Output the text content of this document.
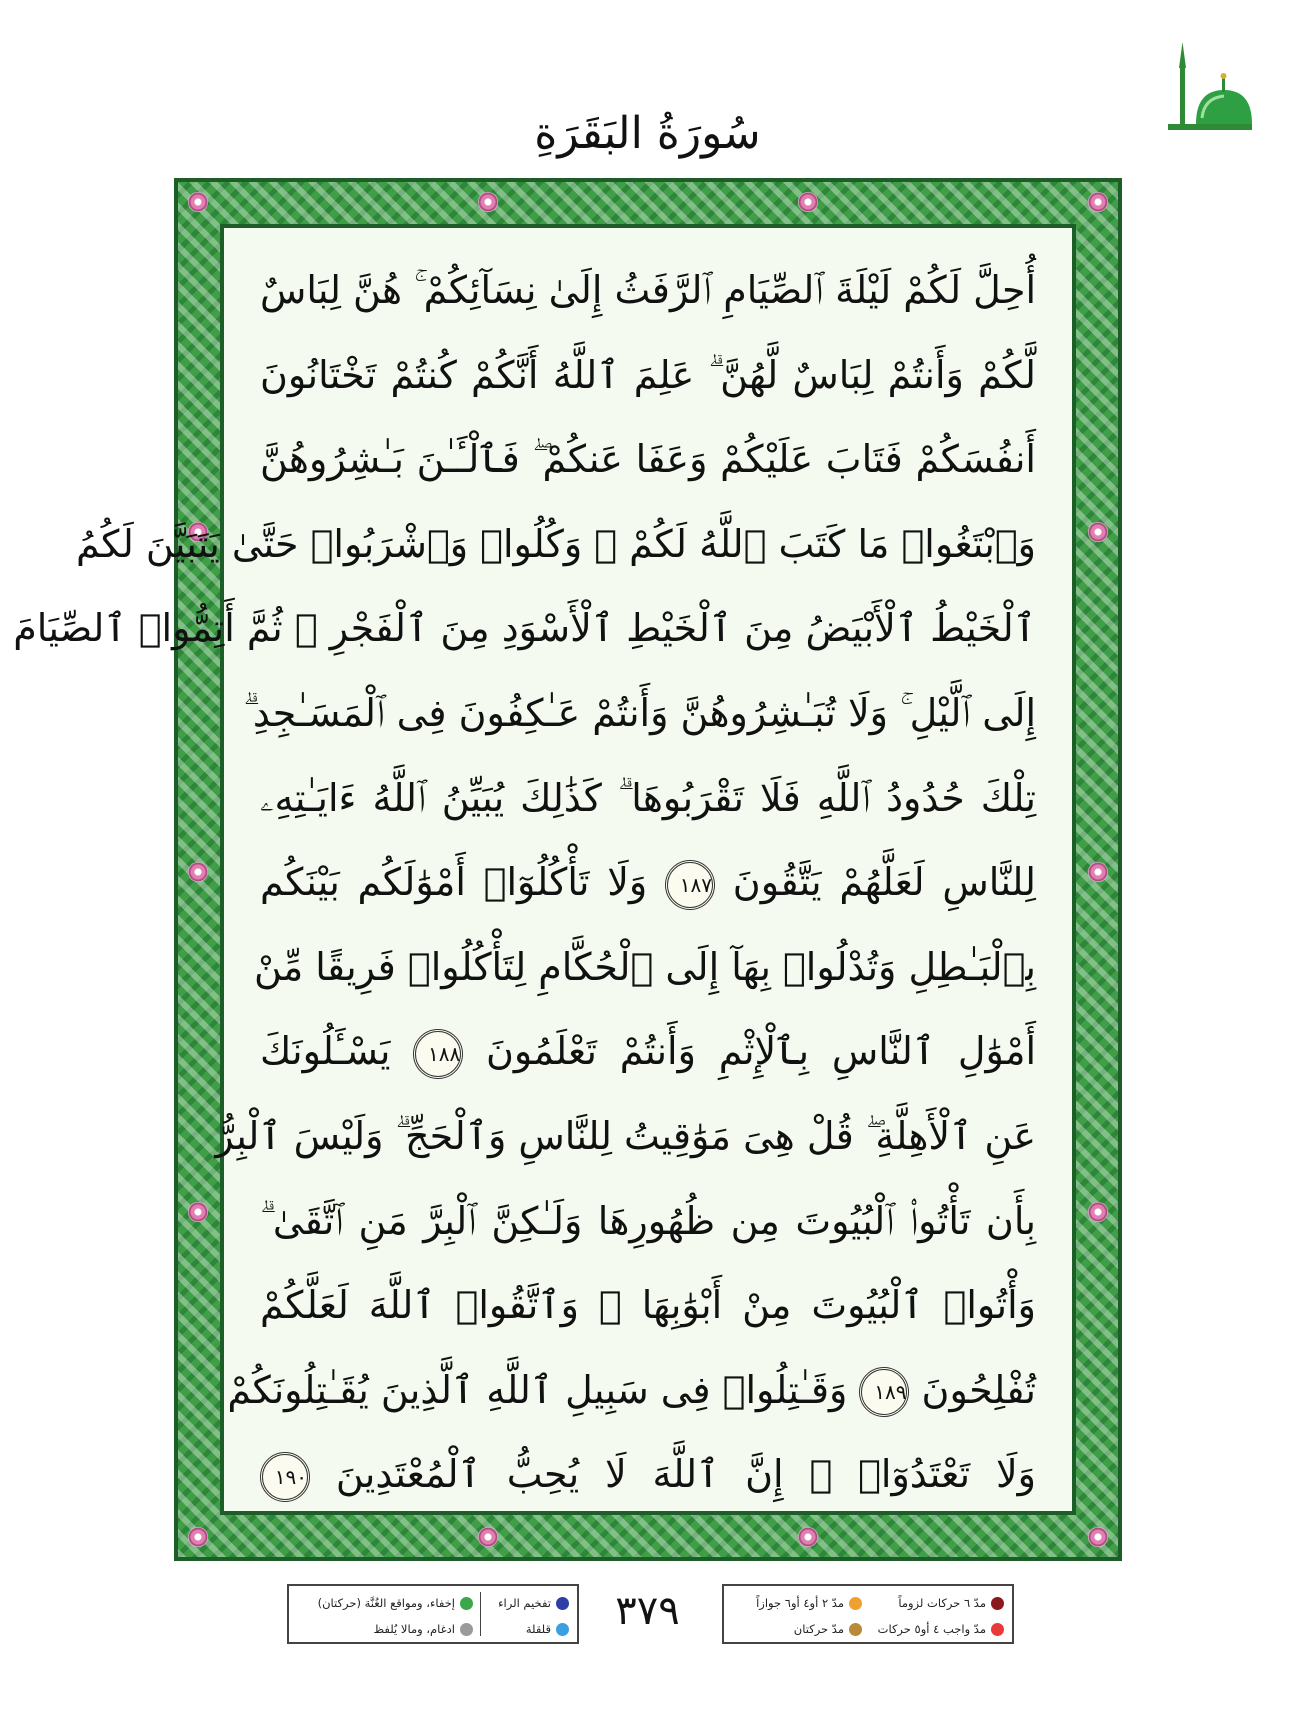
سُورَةُ البَقَرَةِ
أُحِلَّ لَكُمْ لَيْلَةَ ٱلصِّيَامِ ٱلرَّفَثُ إِلَىٰ نِسَآئِكُمْ ۚ هُنَّ لِبَاسٌ
لَّكُمْ وَأَنتُمْ لِبَاسٌ لَّهُنَّ ۗ عَلِمَ ٱللَّهُ أَنَّكُمْ كُنتُمْ تَخْتَانُونَ
أَنفُسَكُمْ فَتَابَ عَلَيْكُمْ وَعَفَا عَنكُمْ ۖ فَٱلْـَٔـٰنَ بَـٰشِرُوهُنَّ
وَٱبْتَغُوا۟ مَا كَتَبَ ٱللَّهُ لَكُمْ ۚ وَكُلُوا۟ وَٱشْرَبُوا۟ حَتَّىٰ يَتَبَيَّنَ لَكُمُ
ٱلْخَيْطُ ٱلْأَبْيَضُ مِنَ ٱلْخَيْطِ ٱلْأَسْوَدِ مِنَ ٱلْفَجْرِ ۖ ثُمَّ أَتِمُّوا۟ ٱلصِّيَامَ
إِلَى ٱلَّيْلِ ۚ وَلَا تُبَـٰشِرُوهُنَّ وَأَنتُمْ عَـٰكِفُونَ فِى ٱلْمَسَـٰجِدِ ۗ
تِلْكَ حُدُودُ ٱللَّهِ فَلَا تَقْرَبُوهَا ۗ كَذَٰلِكَ يُبَيِّنُ ٱللَّهُ ءَايَـٰتِهِۦ
لِلنَّاسِ لَعَلَّهُمْ يَتَّقُونَ ١٨٧ وَلَا تَأْكُلُوٓا۟ أَمْوَٰلَكُم بَيْنَكُم
بِٱلْبَـٰطِلِ وَتُدْلُوا۟ بِهَآ إِلَى ٱلْحُكَّامِ لِتَأْكُلُوا۟ فَرِيقًا مِّنْ
أَمْوَٰلِ ٱلنَّاسِ بِٱلْإِثْمِ وَأَنتُمْ تَعْلَمُونَ ١٨٨ يَسْـَٔلُونَكَ
عَنِ ٱلْأَهِلَّةِ ۖ قُلْ هِىَ مَوَٰقِيتُ لِلنَّاسِ وَٱلْحَجِّ ۗ وَلَيْسَ ٱلْبِرُّ
بِأَن تَأْتُوا۟ ٱلْبُيُوتَ مِن ظُهُورِهَا وَلَـٰكِنَّ ٱلْبِرَّ مَنِ ٱتَّقَىٰ ۗ
وَأْتُوا۟ ٱلْبُيُوتَ مِنْ أَبْوَٰبِهَا ۚ وَٱتَّقُوا۟ ٱللَّهَ لَعَلَّكُمْ
تُفْلِحُونَ ١٨٩ وَقَـٰتِلُوا۟ فِى سَبِيلِ ٱللَّهِ ٱلَّذِينَ يُقَـٰتِلُونَكُمْ
وَلَا تَعْتَدُوٓا۟ ۚ إِنَّ ٱللَّهَ لَا يُحِبُّ ٱلْمُعْتَدِينَ ١٩٠
٣٧٩
تفخيم الراء
قلقلة
إخفاء، ومواقع الغُنَّة (حركتان)
ادغام، ومالا يُلفظ
مدّ ٦ حركات لزوماً
مدّ واجب ٤ أو٥ حركات
مدّ ٢ أو٤ أو٦ جوازاً
مدّ حركتان
